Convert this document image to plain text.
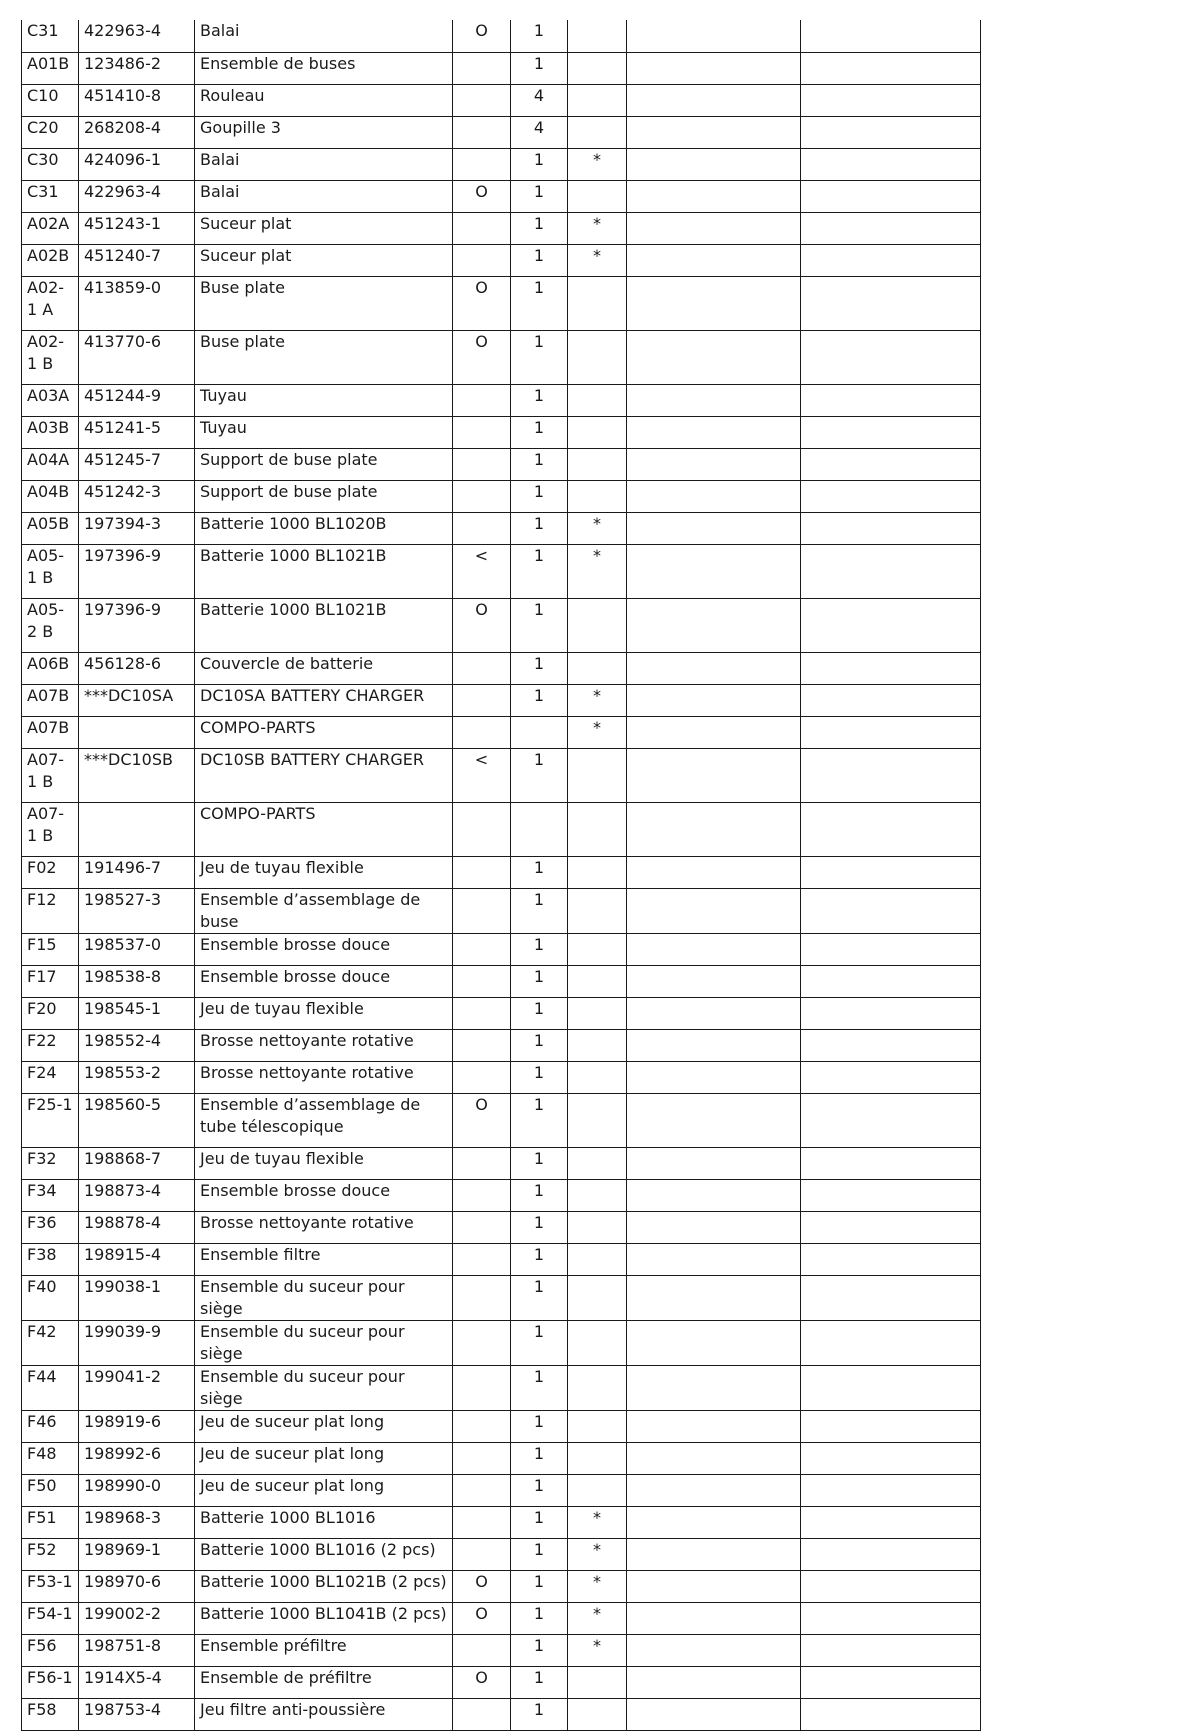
C31	422963-4	Balai	O	1			
A01B	123486-2	Ensemble de buses		1			
C10	451410-8	Rouleau		4			
C20	268208-4	Goupille 3		4			
C30	424096-1	Balai		1	*		
C31	422963-4	Balai	O	1			
A02A	451243-1	Suceur plat		1	*		
A02B	451240-7	Suceur plat		1	*		
A02-1 A	413859-0	Buse plate	O	1			
A02-1 B	413770-6	Buse plate	O	1			
A03A	451244-9	Tuyau		1			
A03B	451241-5	Tuyau		1			
A04A	451245-7	Support de buse plate		1			
A04B	451242-3	Support de buse plate		1			
A05B	197394-3	Batterie 1000 BL1020B		1	*		
A05-1 B	197396-9	Batterie 1000 BL1021B	<	1	*		
A05-2 B	197396-9	Batterie 1000 BL1021B	O	1			
A06B	456128-6	Couvercle de batterie		1			
A07B	***DC10SA	DC10SA BATTERY CHARGER		1	*		
A07B		COMPO-PARTS			*		
A07-1 B	***DC10SB	DC10SB BATTERY CHARGER	<	1			
A07-1 B		COMPO-PARTS					
F02	191496-7	Jeu de tuyau flexible		1			
F12	198527-3	Ensemble d’assemblage de buse		1			
F15	198537-0	Ensemble brosse douce		1			
F17	198538-8	Ensemble brosse douce		1			
F20	198545-1	Jeu de tuyau flexible		1			
F22	198552-4	Brosse nettoyante rotative		1			
F24	198553-2	Brosse nettoyante rotative		1			
F25-1	198560-5	Ensemble d’assemblage de tube télescopique	O	1			
F32	198868-7	Jeu de tuyau flexible		1			
F34	198873-4	Ensemble brosse douce		1			
F36	198878-4	Brosse nettoyante rotative		1			
F38	198915-4	Ensemble filtre		1			
F40	199038-1	Ensemble du suceur pour siège		1			
F42	199039-9	Ensemble du suceur pour siège		1			
F44	199041-2	Ensemble du suceur pour siège		1			
F46	198919-6	Jeu de suceur plat long		1			
F48	198992-6	Jeu de suceur plat long		1			
F50	198990-0	Jeu de suceur plat long		1			
F51	198968-3	Batterie 1000 BL1016		1	*		
F52	198969-1	Batterie 1000 BL1016 (2 pcs)		1	*		
F53-1	198970-6	Batterie 1000 BL1021B (2 pcs)	O	1	*		
F54-1	199002-2	Batterie 1000 BL1041B (2 pcs)	O	1	*		
F56	198751-8	Ensemble préfiltre		1	*		
F56-1	1914X5-4	Ensemble de préfiltre	O	1			
F58	198753-4	Jeu filtre anti-poussière		1			
